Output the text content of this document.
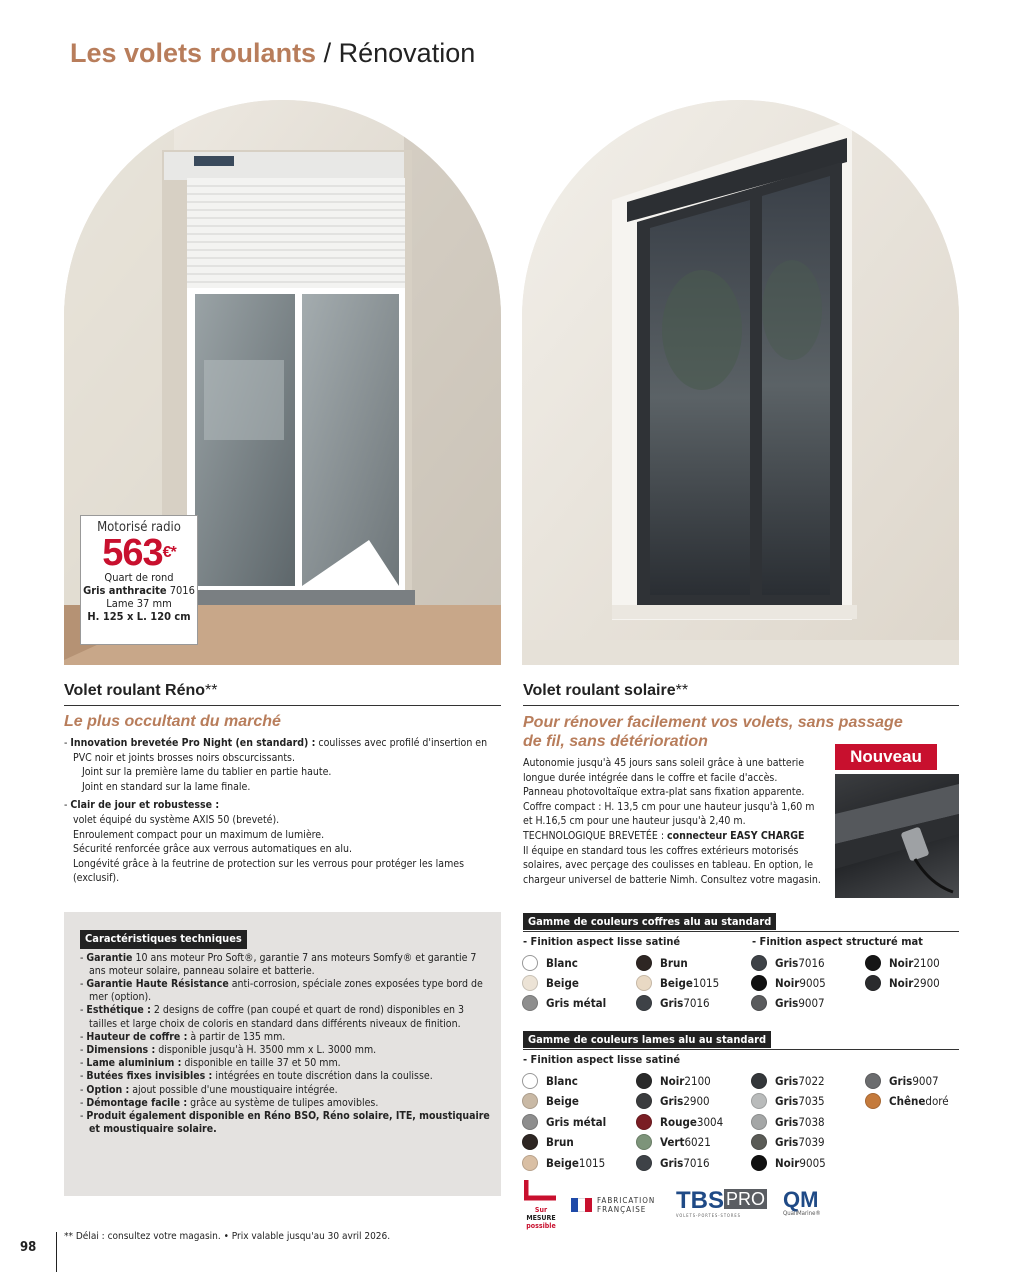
Les volets roulants / Rénovation
Motorisé radio
563€*
Quart de rond
Gris anthracite 7016
Lame 37 mm
H. 125 x L. 120 cm
Volet roulant Réno**
Le plus occultant du marché
- Innovation brevetée Pro Night (en standard) : coulisses avec profilé d'insertion en PVC noir et joints brosses noirs obscurcissants.
Joint sur la première lame du tablier en partie haute.
Joint en standard sur la lame finale.
- Clair de jour et robustesse :
volet équipé du système AXIS 50 (breveté).
Enroulement compact pour un maximum de lumière.
Sécurité renforcée grâce aux verrous automatiques en alu.
Longévité grâce à la feutrine de protection sur les verrous pour protéger les lames (exclusif).
Caractéristiques techniques
- Garantie 10 ans moteur Pro Soft®, garantie 7 ans moteurs Somfy® et garantie 7 ans moteur solaire, panneau solaire et batterie.
- Garantie Haute Résistance anti-corrosion, spéciale zones exposées type bord de mer (option).
- Esthétique : 2 designs de coffre (pan coupé et quart de rond) disponibles en 3 tailles et large choix de coloris en standard dans différents niveaux de finition.
- Hauteur de coffre : à partir de 135 mm.
- Dimensions : disponible jusqu'à H. 3500 mm x L. 3000 mm.
- Lame aluminium : disponible en taille 37 et 50 mm.
- Butées fixes invisibles : intégrées en toute discrétion dans la coulisse.
- Option : ajout possible d'une moustiquaire intégrée.
- Démontage facile : grâce au système de tulipes amovibles.
- Produit également disponible en Réno BSO, Réno solaire, ITE, moustiquaire et moustiquaire solaire.
Volet roulant solaire**
Pour rénover facilement vos volets, sans passage de fil, sans détérioration
Nouveau
Autonomie jusqu'à 45 jours sans soleil grâce à une batterie longue durée intégrée dans le coffre et facile d'accès.
Panneau photovoltaïque extra-plat sans fixation apparente.
Coffre compact : H. 13,5 cm pour une hauteur jusqu'à 1,60 m et H.16,5 cm pour une hauteur jusqu'à 2,40 m.
TECHNOLOGIQUE BREVETÉE : connecteur EASY CHARGE
Il équipe en standard tous les coffres extérieurs motorisés solaires, avec perçage des coulisses en tableau. En option, le chargeur universel de batterie Nimh. Consultez votre magasin.
Gamme de couleurs coffres alu au standard
- Finition aspect lisse satiné	- Finition aspect structuré mat
Blanc
Beige
Gris métal
Brun
Beige 1015
Gris 7016
Gris 7016
Noir 9005
Gris 9007
Noir 2100
Noir 2900
Gamme de couleurs lames alu au standard
- Finition aspect lisse satiné
Blanc
Beige
Gris métal
Brun
Beige 1015
Noir 2100
Gris 2900
Rouge 3004
Vert 6021
Gris 7016
Gris 7022
Gris 7035
Gris 7038
Gris 7039
Noir 9005
Gris 9007
Chêne doré
Sur
MESURE
possible
FABRICATION
FRANÇAISE	TBS PRO
VOLETS-PORTES-STORES
QM
QualiMarine®
98
** Délai : consultez votre magasin. • Prix valable jusqu'au 30 avril 2026.
